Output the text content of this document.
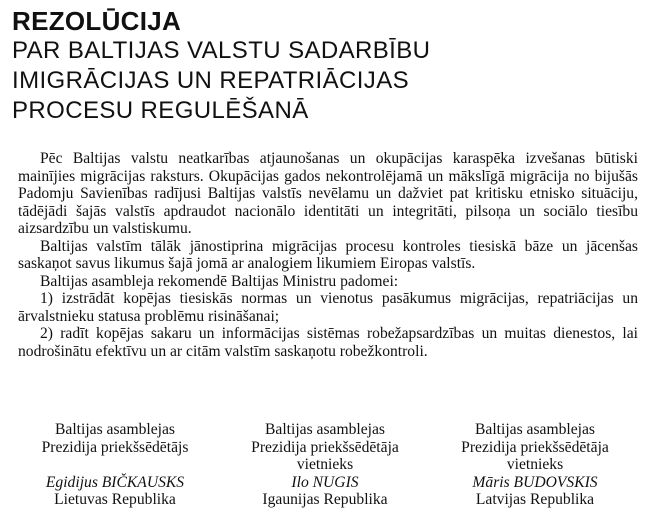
REZOLŪCIJA
PAR BALTIJAS VALSTU SADARBĪBU
IMIGRĀCIJAS UN REPATRIĀCIJAS
PROCESU REGULĒŠANĀ

Pēc Baltijas valstu neatkarības atjaunošanas un okupācijas karaspēka izvešanas būtiski mainījies migrācijas raksturs. Okupācijas gados nekontrolējamā un mākslīgā migrācija no bijušās Padomju Savienības radījusi Baltijas valstīs nevēlamu un dažviet pat kritisku etnisko situāciju, tādējādi šajās valstīs apdraudot nacionālo identitāti un integritāti, pilsoņa un sociālo tiesību aizsardzību un valstiskumu.

Baltijas valstīm tālāk jānostiprina migrācijas procesu kontroles tiesiskā bāze un jācenšas saskaņot savus likumus šajā jomā ar analogiem likumiem Eiropas valstīs.

Baltijas asambleja rekomendē Baltijas Ministru padomei:

1) izstrādāt kopējas tiesiskās normas un vienotus pasākumus migrācijas, repatriācijas un ārvalstnieku statusa problēmu risināšanai;

2) radīt kopējas sakaru un informācijas sistēmas robežapsardzības un muitas dienestos, lai nodrošinātu efektīvu un ar citām valstīm saskaņotu robežkontroli.

Baltijas asamblejas
Prezidija priekšsēdētājs

Egidijus BIČKAUSKS
Lietuvas Republika
Baltijas asamblejas
Prezidija priekšsēdētāja
vietnieks
Ilo NUGIS
Igaunijas Republika
Baltijas asamblejas
Prezidija priekšsēdētāja
vietnieks
Māris BUDOVSKIS
Latvijas Republika
